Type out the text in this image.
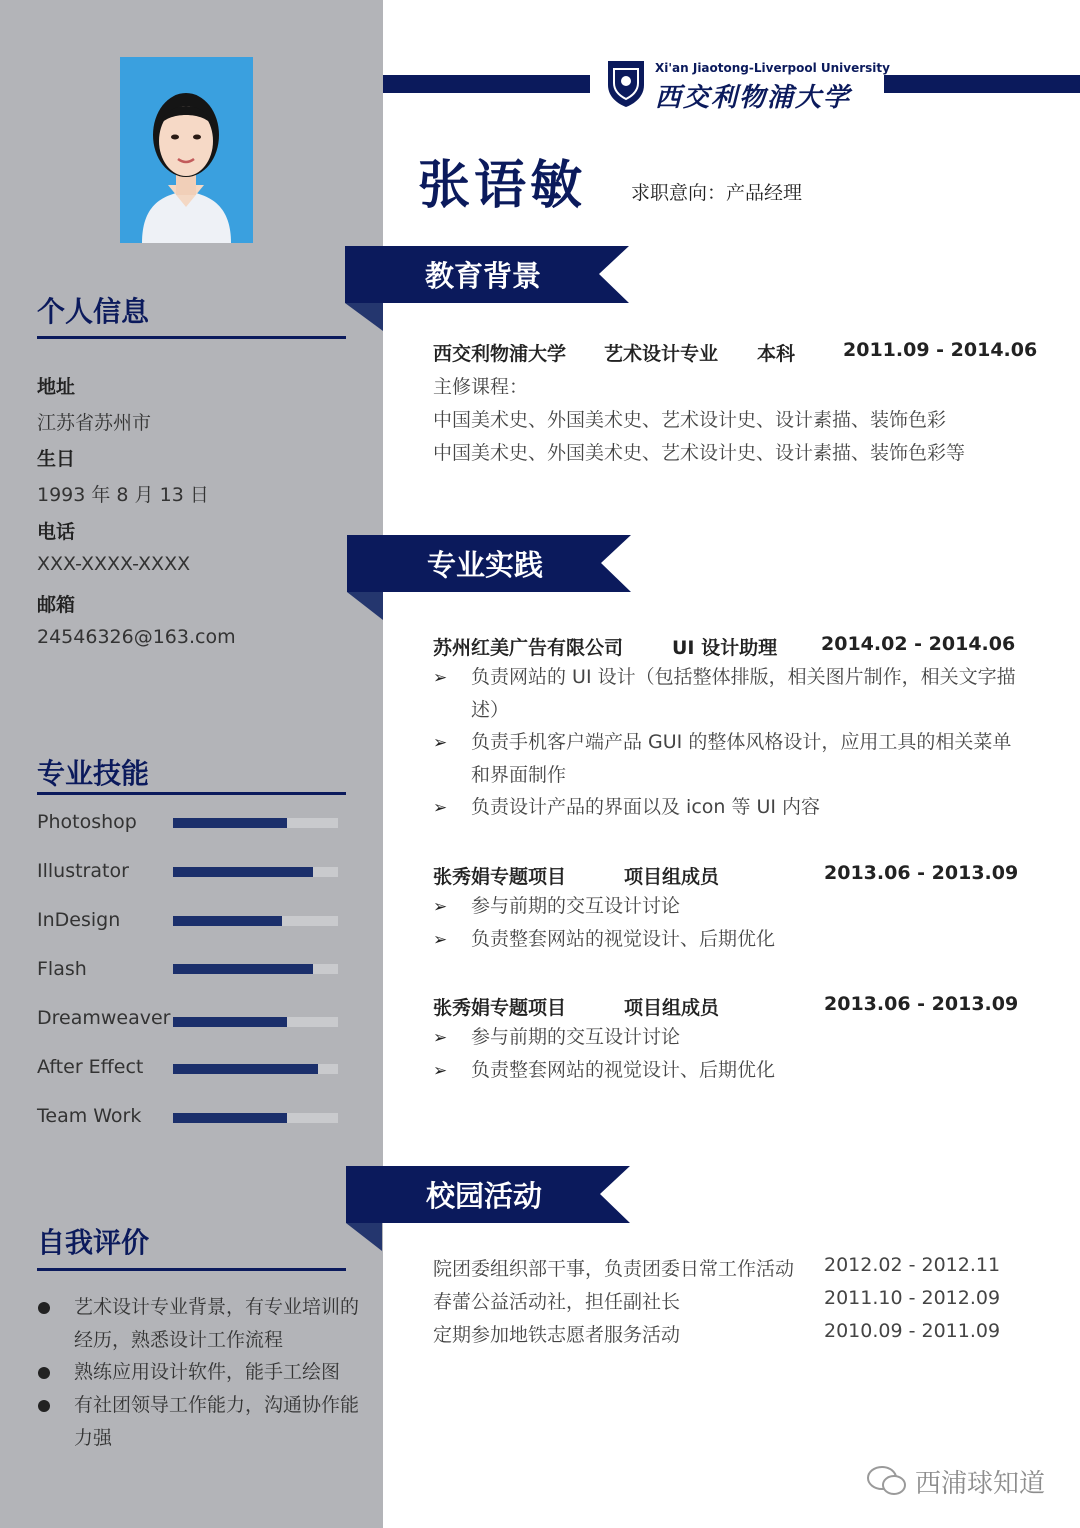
个人信息
地址
江苏省苏州市
生日
1993 年 8 月 13 日
电话
XXX-XXXX-XXXX
邮箱
24546326@163.com
专业技能
Photoshop
Illustrator
InDesign
Flash
Dreamweaver
After Effect
Team Work
自我评价
艺术设计专业背景，有专业培训的经历，熟悉设计工作流程
熟练应用设计软件，能手工绘图
有社团领导工作能力，沟通协作能力强
Xi'an Jiaotong-Liverpool University
西交利物浦大学
张语敏 求职意向：产品经理
教育背景
西交利物浦大学 艺术设计专业 本科	2011.09 - 2014.06
主修课程：
中国美术史、外国美术史、艺术设计史、设计素描、装饰色彩
中国美术史、外国美术史、艺术设计史、设计素描、装饰色彩等
专业实践
苏州红美广告有限公司	UI 设计助理 2014.02 - 2014.06
➢ 负责网站的 UI 设计（包括整体排版，相关图片制作，相关文字描述）
➢ 负责手机客户端产品 GUI 的整体风格设计，应用工具的相关菜单和界面制作
➢ 负责设计产品的界面以及 icon 等 UI 内容
张秀娟专题项目	项目组成员	2013.06 - 2013.09
➢ 参与前期的交互设计讨论
➢ 负责整套网站的视觉设计、后期优化
张秀娟专题项目	项目组成员	2013.06 - 2013.09
➢ 参与前期的交互设计讨论
➢ 负责整套网站的视觉设计、后期优化
校园活动
院团委组织部干事，负责团委日常工作活动 2012.02 - 2012.11
春蕾公益活动社，担任副社长	2011.10 - 2012.09
定期参加地铁志愿者服务活动	2010.09 - 2011.09
西浦球知道
